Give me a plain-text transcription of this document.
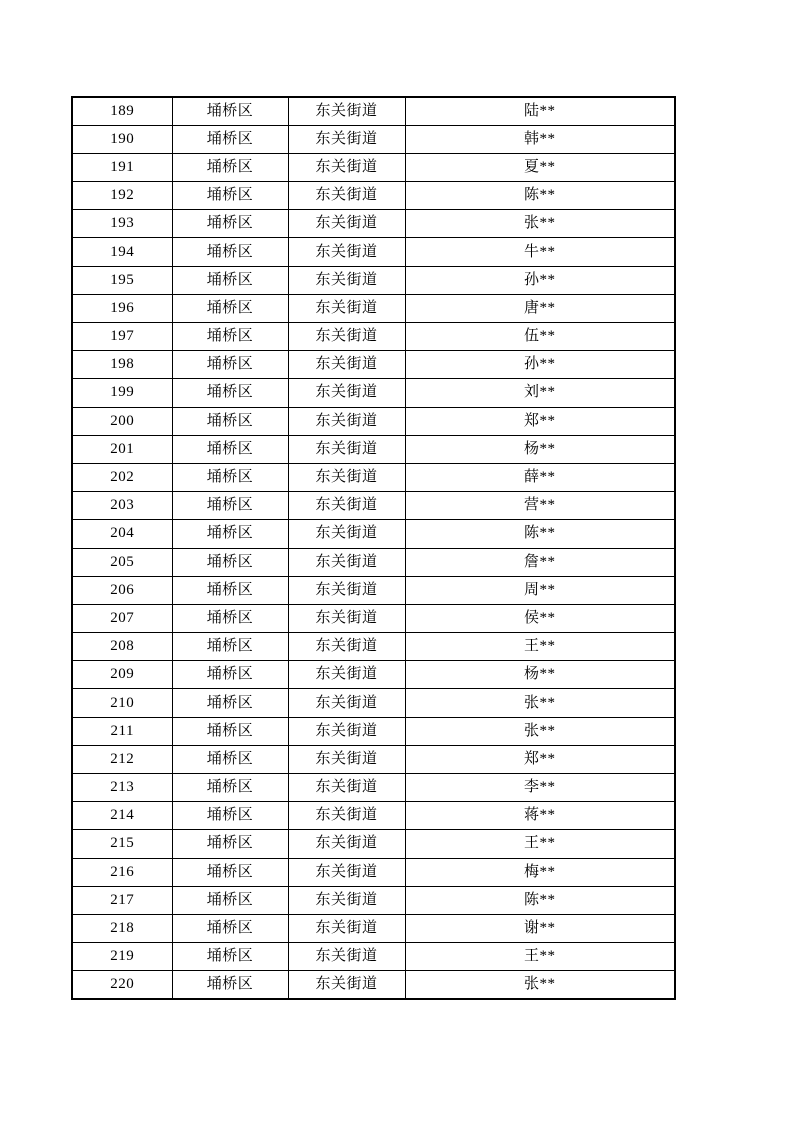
189	埇桥区	东关街道	陆**
190	埇桥区	东关街道	韩**
191	埇桥区	东关街道	夏**
192	埇桥区	东关街道	陈**
193	埇桥区	东关街道	张**
194	埇桥区	东关街道	牛**
195	埇桥区	东关街道	孙**
196	埇桥区	东关街道	唐**
197	埇桥区	东关街道	伍**
198	埇桥区	东关街道	孙**
199	埇桥区	东关街道	刘**
200	埇桥区	东关街道	郑**
201	埇桥区	东关街道	杨**
202	埇桥区	东关街道	薛**
203	埇桥区	东关街道	营**
204	埇桥区	东关街道	陈**
205	埇桥区	东关街道	詹**
206	埇桥区	东关街道	周**
207	埇桥区	东关街道	侯**
208	埇桥区	东关街道	王**
209	埇桥区	东关街道	杨**
210	埇桥区	东关街道	张**
211	埇桥区	东关街道	张**
212	埇桥区	东关街道	郑**
213	埇桥区	东关街道	李**
214	埇桥区	东关街道	蒋**
215	埇桥区	东关街道	王**
216	埇桥区	东关街道	梅**
217	埇桥区	东关街道	陈**
218	埇桥区	东关街道	谢**
219	埇桥区	东关街道	王**
220	埇桥区	东关街道	张**
